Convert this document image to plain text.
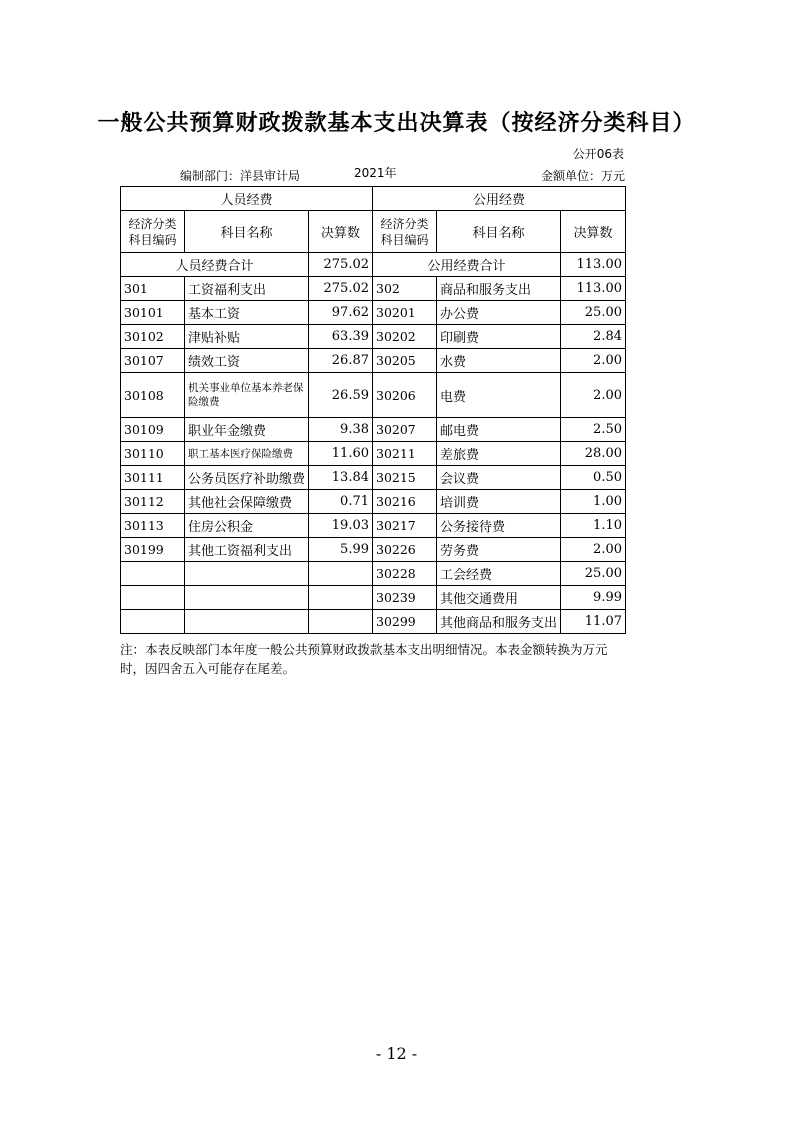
一般公共预算财政拨款基本支出决算表（按经济分类科目）
公开06表
编制部门：洋县审计局	2021年	金额单位：万元
人员经费			公用经费		
经济分类科目编码	科目名称	决算数	经济分类科目编码	科目名称	决算数
人员经费合计		275.02	公用经费合计		113.00
301	工资福利支出	275.02	302	商品和服务支出	113.00
30101	基本工资	97.62	30201	办公费	25.00
30102	津贴补贴	63.39	30202	印刷费	2.84
30107	绩效工资	26.87	30205	水费	2.00
30108	机关事业单位基本养老保险缴费	26.59	30206	电费	2.00
30109	职业年金缴费	9.38	30207	邮电费	2.50
30110	职工基本医疗保险缴费	11.60	30211	差旅费	28.00
30111	公务员医疗补助缴费	13.84	30215	会议费	0.50
30112	其他社会保障缴费	0.71	30216	培训费	1.00
30113	住房公积金	19.03	30217	公务接待费	1.10
30199	其他工资福利支出	5.99	30226	劳务费	2.00
			30228	工会经费	25.00
			30239	其他交通费用	9.99
			30299	其他商品和服务支出	11.07
注：本表反映部门本年度一般公共预算财政拨款基本支出明细情况。本表金额转换为万元时，因四舍五入可能存在尾差。
- 12 -
